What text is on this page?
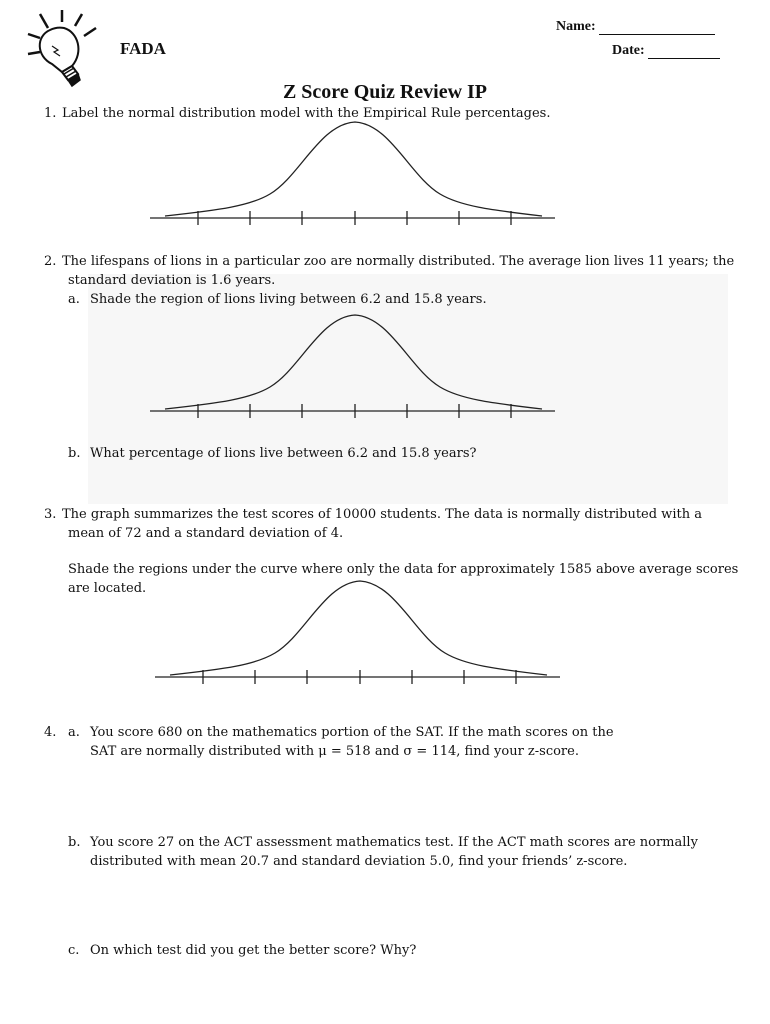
FADA
Name:
Date:
Z Score Quiz Review IP
1. Label the normal distribution model with the Empirical Rule percentages.
2. The lifespans of lions in a particular zoo are normally distributed. The average lion lives 11 years; the
standard deviation is 1.6 years.
a. Shade the region of lions living between 6.2 and 15.8 years.
b. What percentage of lions live between 6.2 and 15.8 years?
3. The graph summarizes the test scores of 10000 students. The data is normally distributed with a
mean of 72 and a standard deviation of 4.
Shade the regions under the curve where only the data for approximately 1585 above average scores
are located.
4. a. You score 680 on the mathematics portion of the SAT. If the math scores on the
SAT are normally distributed with μ = 518 and σ = 114, find your z-score.
b. You score 27 on the ACT assessment mathematics test. If the ACT math scores are normally
distributed with mean 20.7 and standard deviation 5.0, find your friends’ z-score.
c. On which test did you get the better score? Why?
